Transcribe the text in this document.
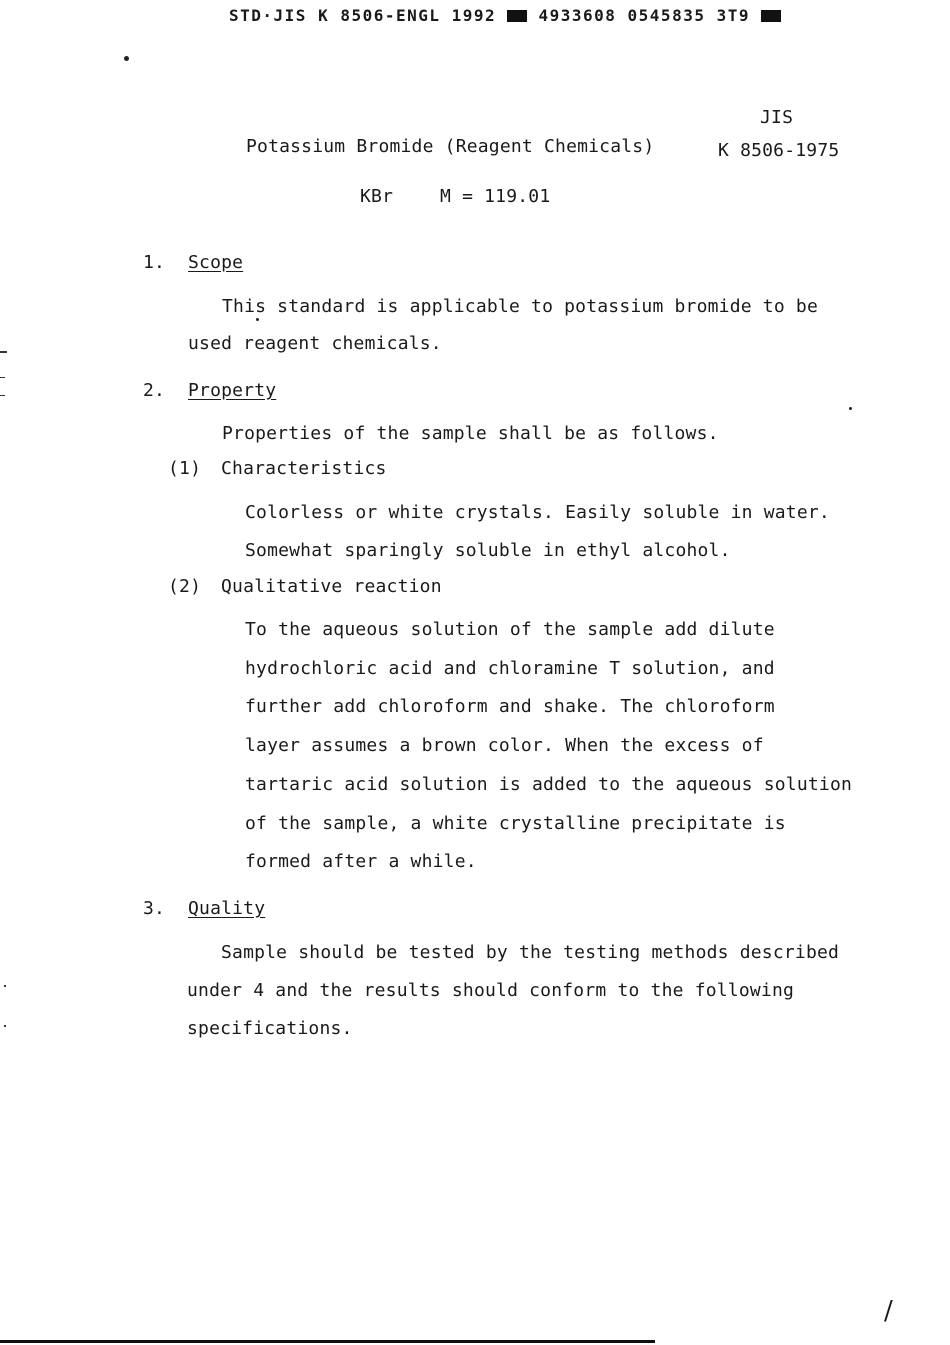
STD·JIS K 8506-ENGL 1992	4933608 0545835 3T9
JIS
Potassium Bromide (Reagent Chemicals)	K 8506-1975
KBr	M = 119.01
1. Scope
This standard is applicable to potassium bromide to be
used reagent chemicals.
2. Property
Properties of the sample shall be as follows.
(1) Characteristics
Colorless or white crystals. Easily soluble in water.
Somewhat sparingly soluble in ethyl alcohol.
(2) Qualitative reaction
To the aqueous solution of the sample add dilute
hydrochloric acid and chloramine T solution, and
further add chloroform and shake. The chloroform
layer assumes a brown color. When the excess of
tartaric acid solution is added to the aqueous solution
of the sample, a white crystalline precipitate is
formed after a while.
3. Quality
Sample should be tested by the testing methods described
under 4 and the results should conform to the following
specifications.
/
